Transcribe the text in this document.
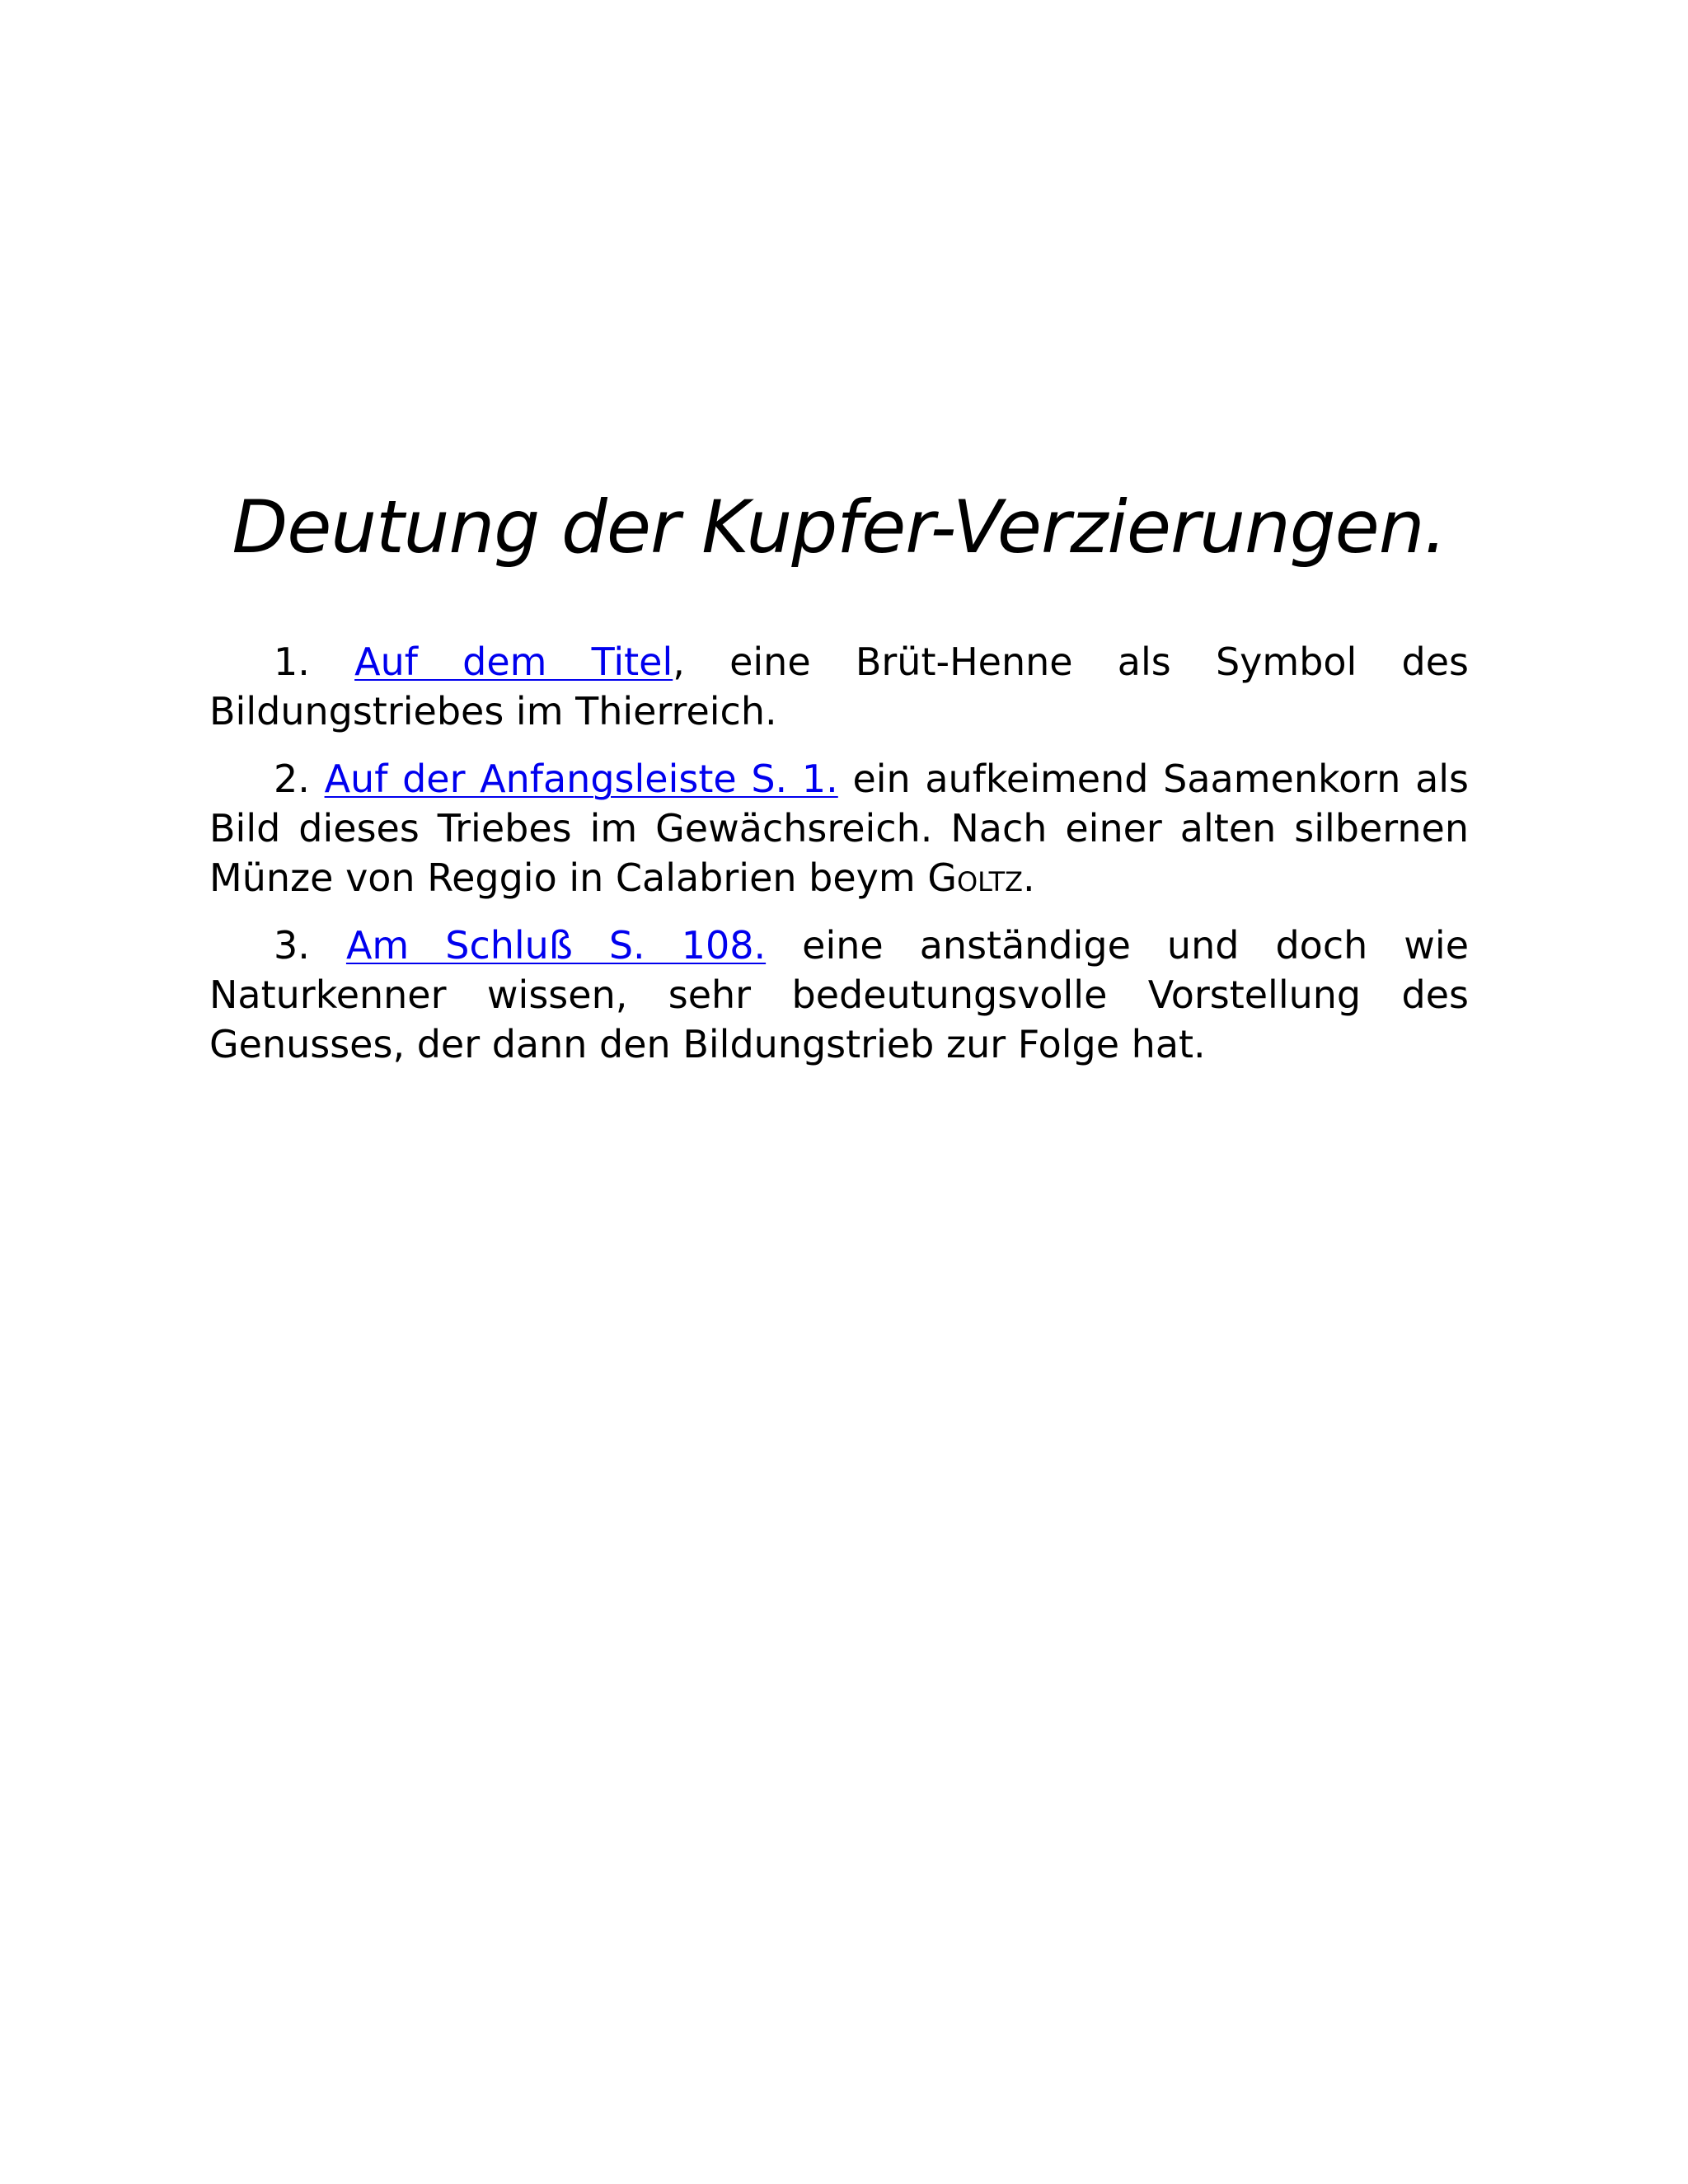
Deutung der Kupfer-Verzierungen.

1. Auf dem Titel, eine Brüt-Henne als Symbol des Bildungstriebes im Thierreich.

2. Auf der Anfangsleiste S. 1. ein aufkeimend Saamenkorn als Bild dieses Triebes im Gewächsreich. Nach einer alten silbernen Münze von Reggio in Calabrien beym Goltz.

3. Am Schluß S. 108. eine anständige und doch wie Naturkenner wissen, sehr bedeutungsvolle Vorstellung des Genusses, der dann den Bildungstrieb zur Folge hat.
